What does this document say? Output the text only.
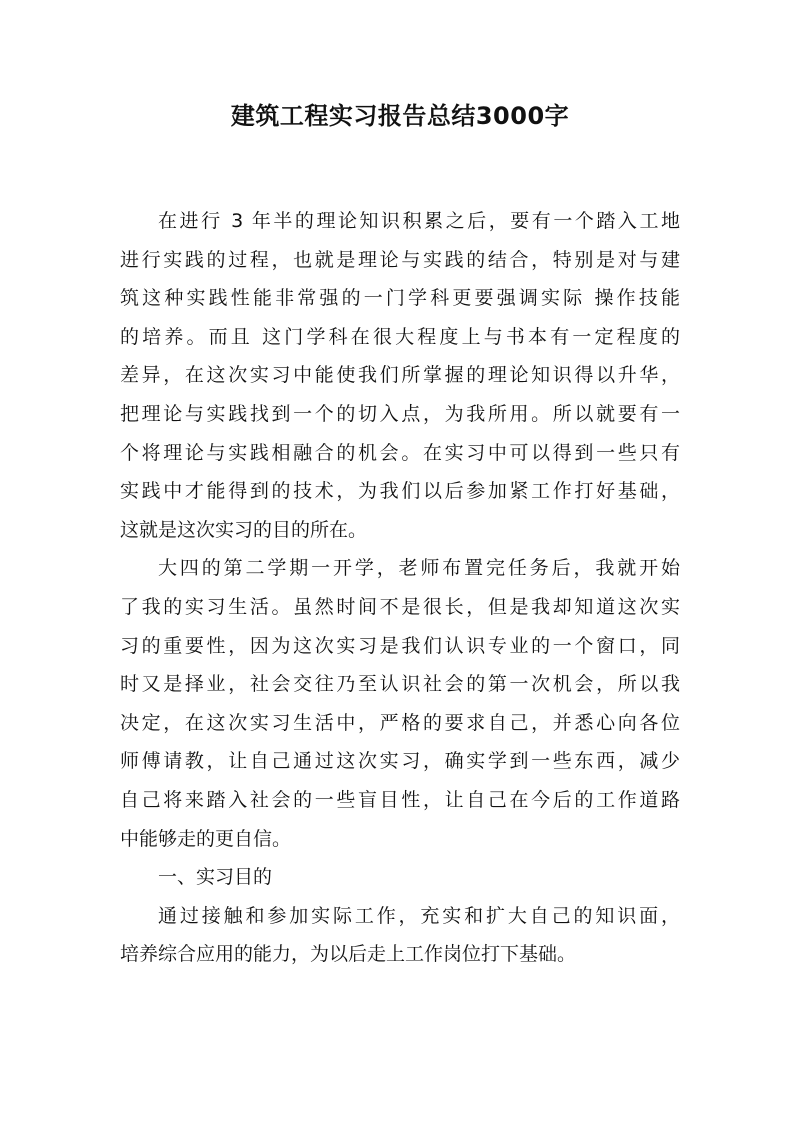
建筑工程实习报告总结3000字
在进行 3 年半的理论知识积累之后，要有一个踏入工地
进行实践的过程，也就是理论与实践的结合，特别是对与建
筑这种实践性能非常强的一门学科更要强调实际 操作技能
的培养。而且 这门学科在很大程度上与书本有一定程度的
差异，在这次实习中能使我们所掌握的理论知识得以升华，
把理论与实践找到一个的切入点，为我所用。所以就要有一
个将理论与实践相融合的机会。在实习中可以得到一些只有
实践中才能得到的技术，为我们以后参加紧工作打好基础，
这就是这次实习的目的所在。
大四的第二学期一开学，老师布置完任务后，我就开始
了我的实习生活。虽然时间不是很长，但是我却知道这次实
习的重要性，因为这次实习是我们认识专业的一个窗口，同
时又是择业，社会交往乃至认识社会的第一次机会，所以我
决定，在这次实习生活中，严格的要求自己，并悉心向各位
师傅请教，让自己通过这次实习，确实学到一些东西，减少
自己将来踏入社会的一些盲目性，让自己在今后的工作道路
中能够走的更自信。
一、实习目的
通过接触和参加实际工作，充实和扩大自己的知识面，
培养综合应用的能力，为以后走上工作岗位打下基础。
